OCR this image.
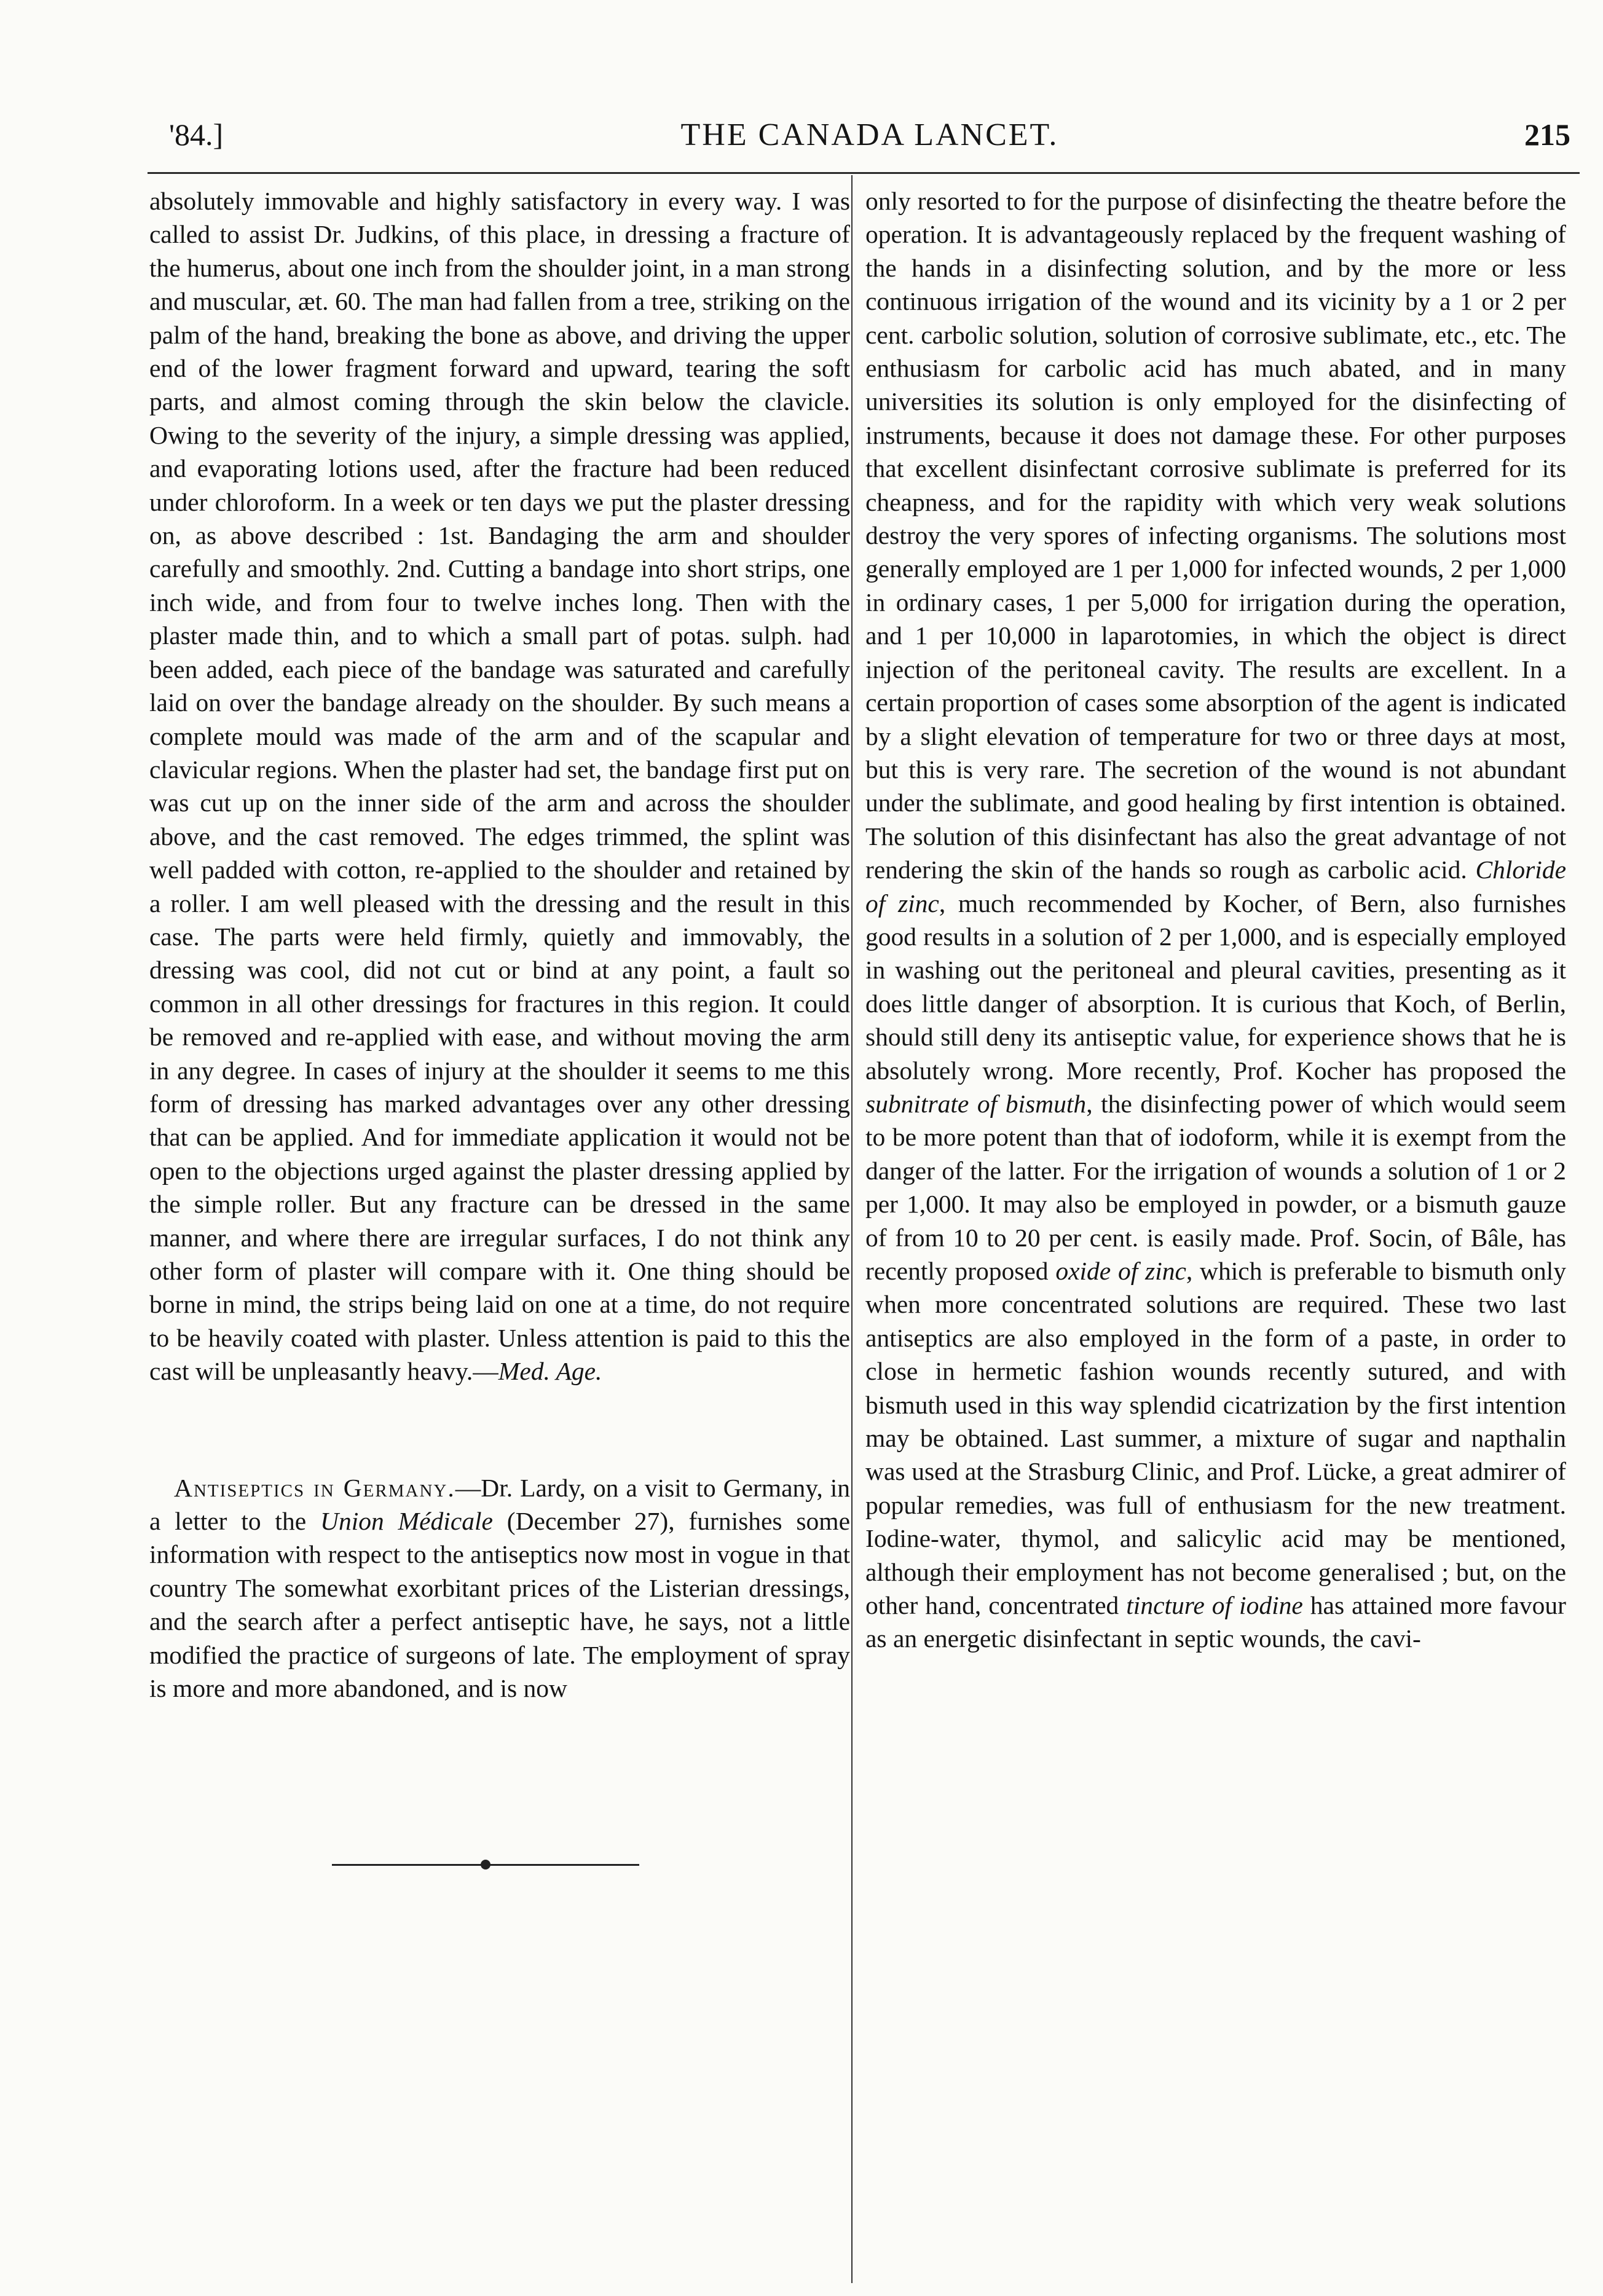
'84.]	THE CANADA LANCET.	215

absolutely immovable and highly satisfactory in every way. I was called to assist Dr. Judkins, of this place, in dressing a fracture of the humerus, about one inch from the shoulder joint, in a man strong and muscular, æt. 60. The man had fallen from a tree, striking on the palm of the hand, breaking the bone as above, and driving the upper end of the lower fragment forward and upward, tearing the soft parts, and almost coming through the skin below the clavicle. Owing to the severity of the injury, a simple dressing was applied, and evaporating lotions used, after the fracture had been reduced under chloroform. In a week or ten days we put the plaster dressing on, as above described : 1st. Bandaging the arm and shoulder carefully and smoothly. 2nd. Cutting a bandage into short strips, one inch wide, and from four to twelve inches long. Then with the plaster made thin, and to which a small part of potas. sulph. had been added, each piece of the bandage was saturated and carefully laid on over the bandage already on the shoulder. By such means a complete mould was made of the arm and of the scapular and clavicular regions. When the plaster had set, the bandage first put on was cut up on the inner side of the arm and across the shoulder above, and the cast removed. The edges trimmed, the splint was well padded with cotton, re-applied to the shoulder and retained by a roller. I am well pleased with the dressing and the result in this case. The parts were held firmly, quietly and immovably, the dressing was cool, did not cut or bind at any point, a fault so common in all other dressings for fractures in this region. It could be removed and re-applied with ease, and without moving the arm in any degree. In cases of injury at the shoulder it seems to me this form of dressing has marked advantages over any other dressing that can be applied. And for immediate application it would not be open to the objections urged against the plaster dressing applied by the simple roller. But any fracture can be dressed in the same manner, and where there are irregular surfaces, I do not think any other form of plaster will compare with it. One thing should be borne in mind, the strips being laid on one at a time, do not require to be heavily coated with plaster. Unless attention is paid to this the cast will be unpleasantly heavy.—Med. Age.

Antiseptics in Germany.—Dr. Lardy, on a visit to Germany, in a letter to the Union Médicale (December 27), furnishes some information with respect to the antiseptics now most in vogue in that country The somewhat exorbitant prices of the Listerian dressings, and the search after a perfect antiseptic have, he says, not a little modified the practice of surgeons of late. The employment of spray is more and more abandoned, and is now

only resorted to for the purpose of disinfecting the theatre before the operation. It is advantageously replaced by the frequent washing of the hands in a disinfecting solution, and by the more or less continuous irrigation of the wound and its vicinity by a 1 or 2 per cent. carbolic solution, solution of corrosive sublimate, etc., etc. The enthusiasm for carbolic acid has much abated, and in many universities its solution is only employed for the disinfecting of instruments, because it does not damage these. For other purposes that excellent disinfectant corrosive sublimate is preferred for its cheapness, and for the rapidity with which very weak solutions destroy the very spores of infecting organisms. The solutions most generally employed are 1 per 1,000 for infected wounds, 2 per 1,000 in ordinary cases, 1 per 5,000 for irrigation during the operation, and 1 per 10,000 in laparotomies, in which the object is direct injection of the peritoneal cavity. The results are excellent. In a certain proportion of cases some absorption of the agent is indicated by a slight elevation of temperature for two or three days at most, but this is very rare. The secretion of the wound is not abundant under the sublimate, and good healing by first intention is obtained. The solution of this disinfectant has also the great advantage of not rendering the skin of the hands so rough as carbolic acid. Chloride of zinc, much recommended by Kocher, of Bern, also furnishes good results in a solution of 2 per 1,000, and is especially employed in washing out the peritoneal and pleural cavities, presenting as it does little danger of absorption. It is curious that Koch, of Berlin, should still deny its antiseptic value, for experience shows that he is absolutely wrong. More recently, Prof. Kocher has proposed the subnitrate of bismuth, the disinfecting power of which would seem to be more potent than that of iodoform, while it is exempt from the danger of the latter. For the irrigation of wounds a solution of 1 or 2 per 1,000. It may also be employed in powder, or a bismuth gauze of from 10 to 20 per cent. is easily made. Prof. Socin, of Bâle, has recently proposed oxide of zinc, which is preferable to bismuth only when more concentrated solutions are required. These two last antiseptics are also employed in the form of a paste, in order to close in hermetic fashion wounds recently sutured, and with bismuth used in this way splendid cicatrization by the first intention may be obtained. Last summer, a mixture of sugar and napthalin was used at the Strasburg Clinic, and Prof. Lücke, a great admirer of popular remedies, was full of enthusiasm for the new treatment. Iodine-water, thymol, and salicylic acid may be mentioned, although their employment has not become generalised ; but, on the other hand, concentrated tincture of iodine has attained more favour as an energetic disinfectant in septic wounds, the cavi-
